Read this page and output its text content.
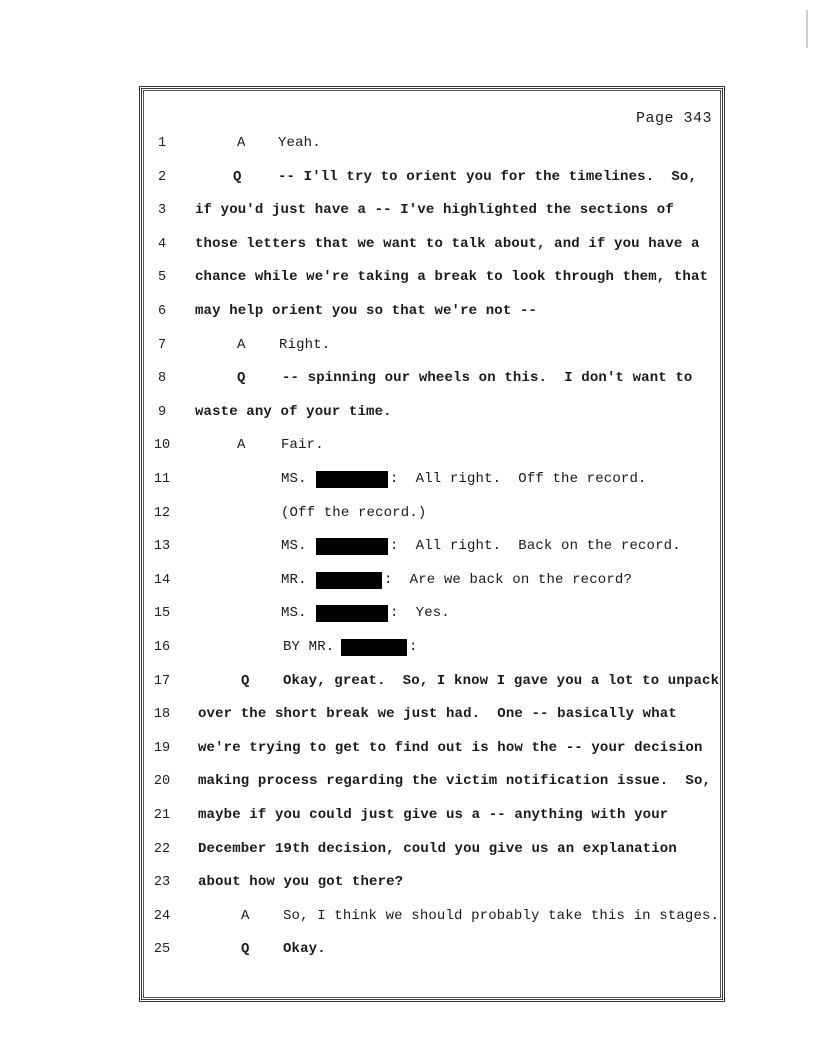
Page 343
1	A Yeah.
2	Q	-- I'll try to orient you for the timelines.  So,
3	if you'd just have a -- I've highlighted the sections of
4	those letters that we want to talk about, and if you have a
5	chance while we're taking a break to look through them, that
6	may help orient you so that we're not --
7	A Right.
8	Q	-- spinning our wheels on this.  I don't want to
9	waste any of your time.
10	A	Fair.
11	MS.	:  All right.  Off the record.
12	(Off the record.)
13	MS.	:  All right.  Back on the record.
14	MR.	:  Are we back on the record?
15	MS.	:  Yes.
16	BY MR.	:
17	Q Okay, great.  So, I know I gave you a lot to unpack
18 over the short break we just had.  One -- basically what
19 we're trying to get to find out is how the -- your decision
20 making process regarding the victim notification issue.  So,
21 maybe if you could just give us a -- anything with your
22 December 19th decision, could you give us an explanation
23 about how you got there?
24	A So, I think we should probably take this in stages.
25	Q Okay.
